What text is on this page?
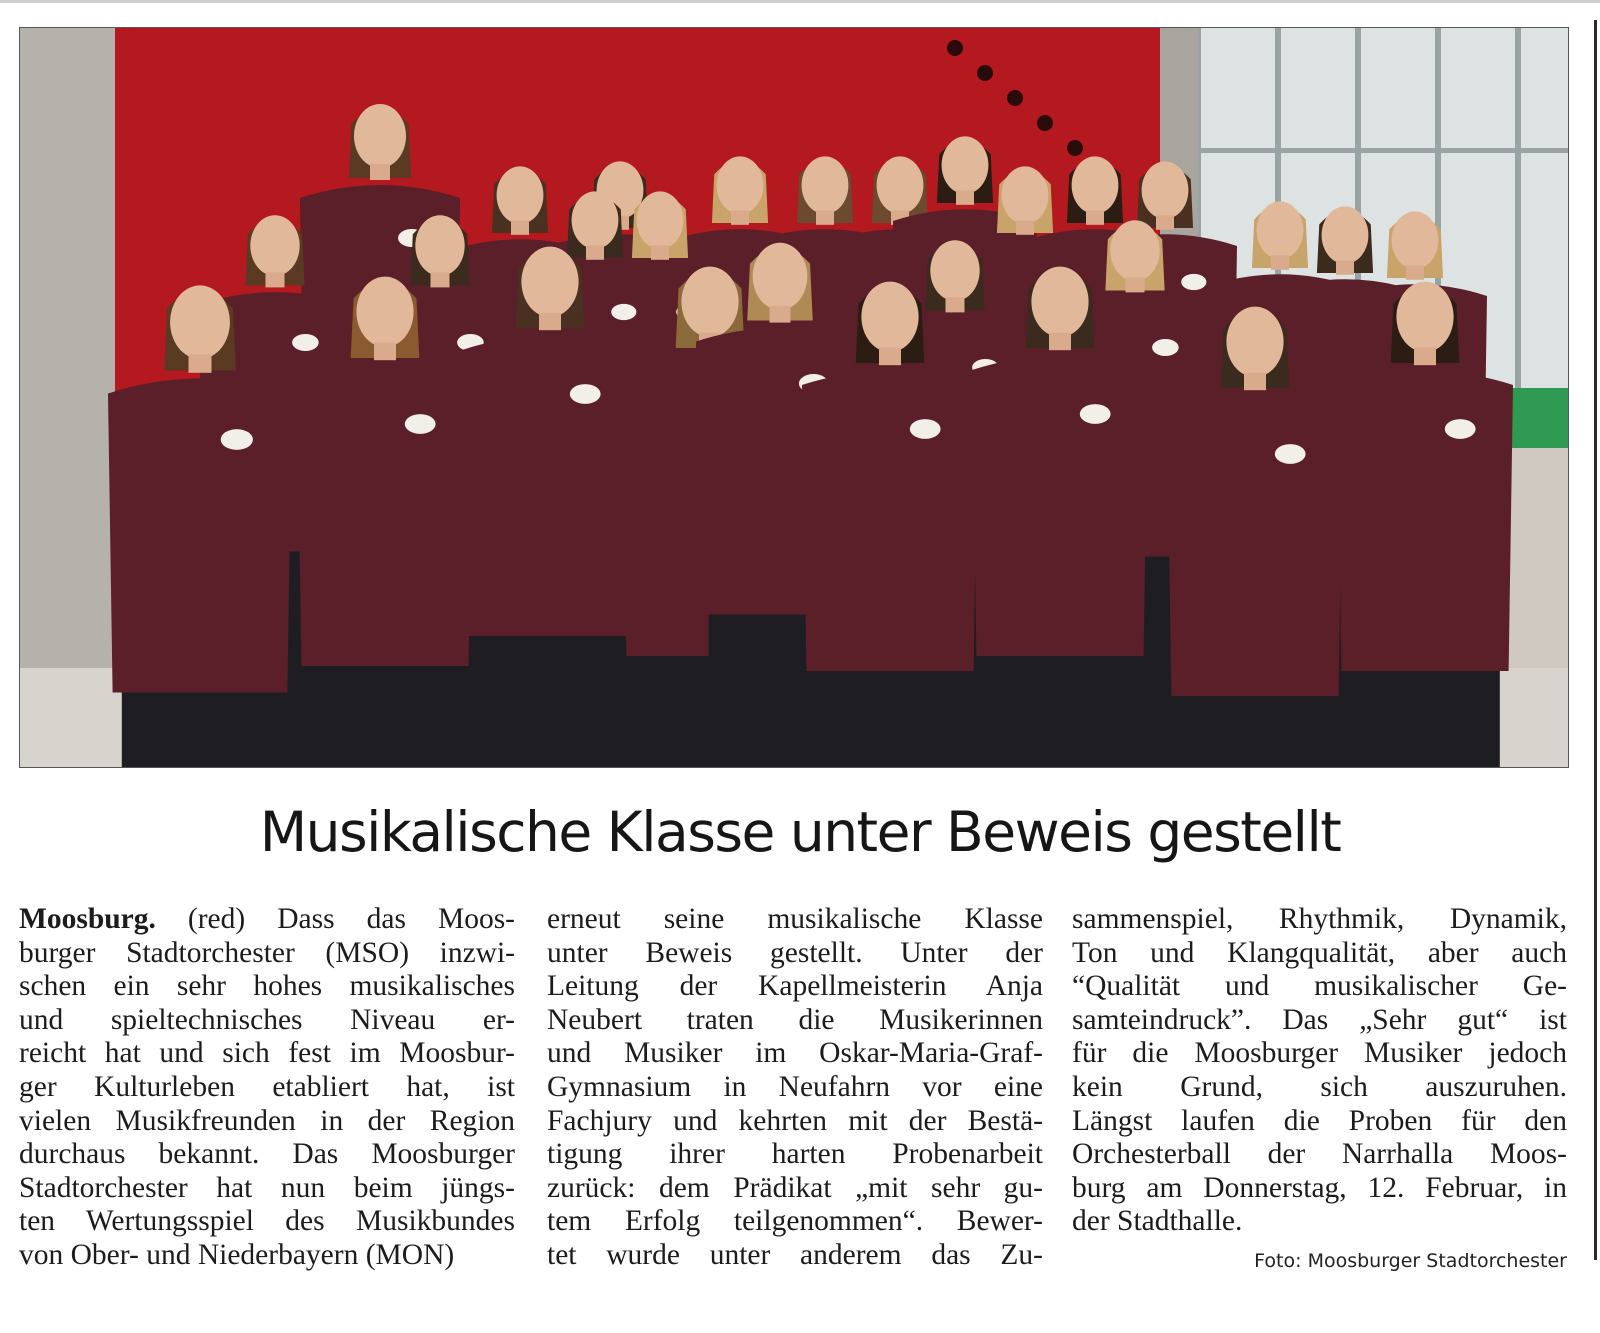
Musikalische Klasse unter Beweis gestellt
Moosburg. (red) Dass das Moos-
burger Stadtorchester (MSO) inzwi-
schen ein sehr hohes musikalisches
und spieltechnisches Niveau er-
reicht hat und sich fest im Moosbur-
ger Kulturleben etabliert hat, ist
vielen Musikfreunden in der Region
durchaus bekannt. Das Moosburger
Stadtorchester hat nun beim jüngs-
ten Wertungsspiel des Musikbundes
von Ober- und Niederbayern (MON)
erneut seine musikalische Klasse
unter Beweis gestellt. Unter der
Leitung der Kapellmeisterin Anja
Neubert traten die Musikerinnen
und Musiker im Oskar-Maria-Graf-
Gymnasium in Neufahrn vor eine
Fachjury und kehrten mit der Bestä-
tigung ihrer harten Probenarbeit
zurück: dem Prädikat „mit sehr gu-
tem Erfolg teilgenommen“. Bewer-
tet wurde unter anderem das Zu-
sammenspiel, Rhythmik, Dynamik,
Ton und Klangqualität, aber auch
“Qualität und musikalischer Ge-
samteindruck”. Das „Sehr gut“ ist
für die Moosburger Musiker jedoch
kein Grund, sich auszuruhen.
Längst laufen die Proben für den
Orchesterball der Narrhalla Moos-
burg am Donnerstag, 12. Februar, in
der Stadthalle.
Foto: Moosburger Stadtorchester
